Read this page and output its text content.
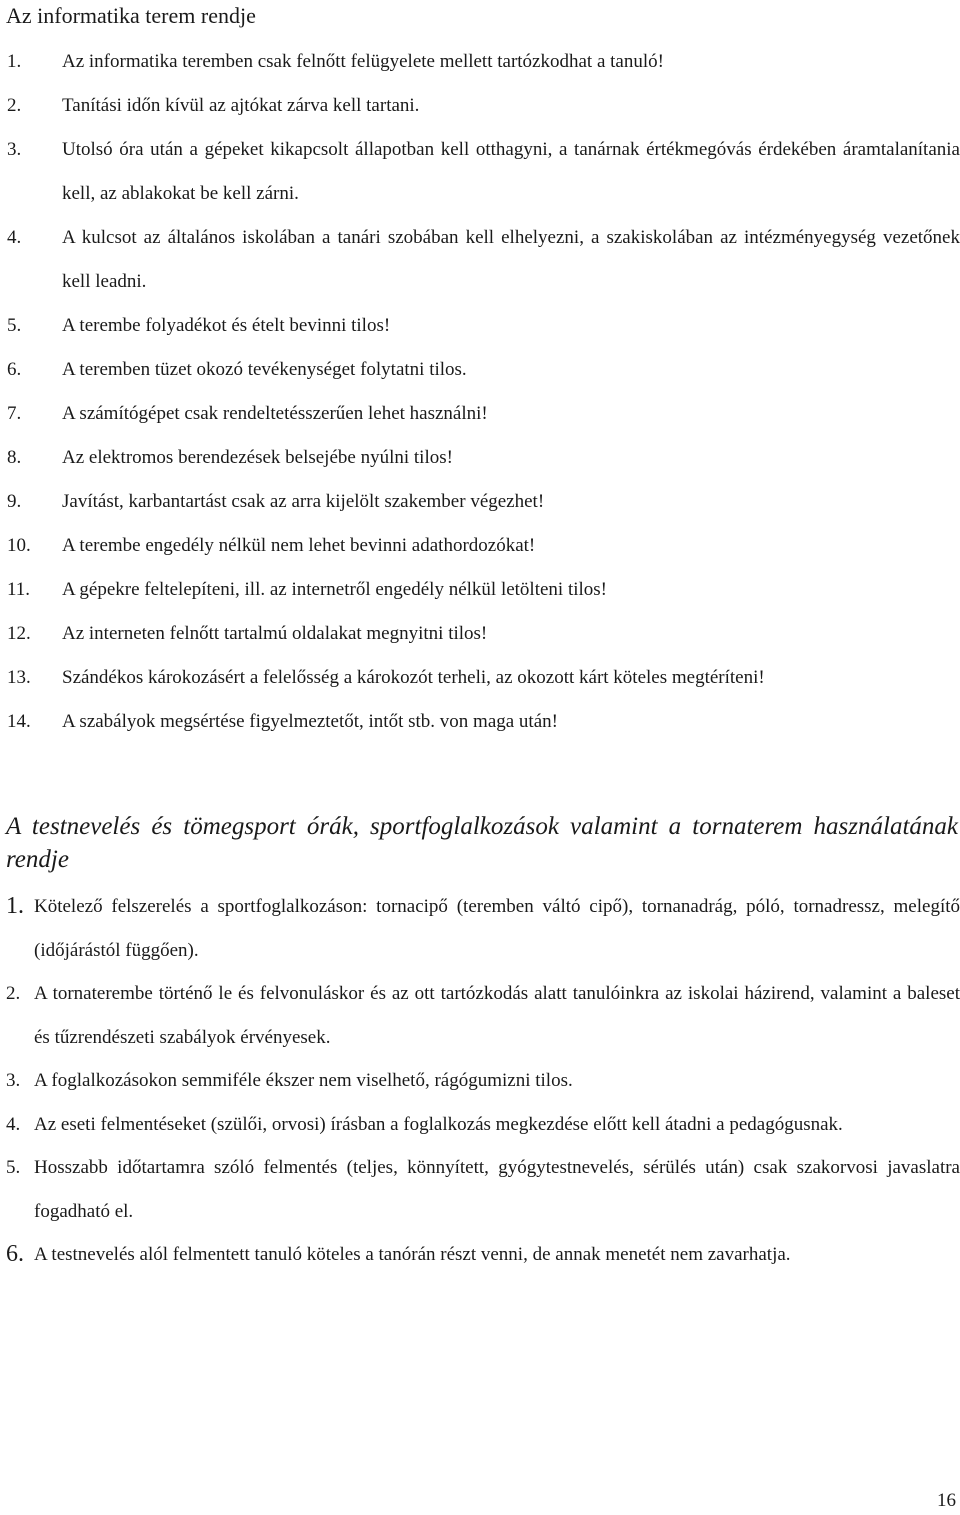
Az informatika terem rendje
1. Az informatika teremben csak felnőtt felügyelete mellett tartózkodhat a tanuló!
2. Tanítási időn kívül az ajtókat zárva kell tartani.
3. Utolsó óra után a gépeket kikapcsolt állapotban kell otthagyni, a tanárnak értékmegóvás érdekében áramtalanítania kell, az ablakokat be kell zárni.
4. A kulcsot az általános iskolában a tanári szobában kell elhelyezni, a szakiskolában az intézményegység vezetőnek kell leadni.
5. A terembe folyadékot és ételt bevinni tilos!
6. A teremben tüzet okozó tevékenységet folytatni tilos.
7. A számítógépet csak rendeltetésszerűen lehet használni!
8. Az elektromos berendezések belsejébe nyúlni tilos!
9. Javítást, karbantartást csak az arra kijelölt szakember végezhet!
10. A terembe engedély nélkül nem lehet bevinni adathordozókat!
11. A gépekre feltelepíteni, ill. az internetről engedély nélkül letölteni tilos!
12. Az interneten felnőtt tartalmú oldalakat megnyitni tilos!
13. Szándékos károkozásért a felelősség a károkozót terheli, az okozott kárt köteles megtéríteni!
14. A szabályok megsértése figyelmeztetőt, intőt stb. von maga után!
A testnevelés és tömegsport órák, sportfoglalkozások valamint a tornaterem használatának rendje
1. Kötelező felszerelés a sportfoglalkozáson: tornacipő (teremben váltó cipő), tornanadrág, póló, tornadressz, melegítő (időjárástól függően).
2. A tornaterembe történő le és felvonuláskor és az ott tartózkodás alatt tanulóinkra az iskolai házirend, valamint a baleset és tűzrendészeti szabályok érvényesek.
3. A foglalkozásokon semmiféle ékszer nem viselhető, rágógumizni tilos.
4. Az eseti felmentéseket (szülői, orvosi) írásban a foglalkozás megkezdése előtt kell átadni a pedagógusnak.
5. Hosszabb időtartamra szóló felmentés (teljes, könnyített, gyógytestnevelés, sérülés után) csak szakorvosi javaslatra fogadható el.
6. A testnevelés alól felmentett tanuló köteles a tanórán részt venni, de annak menetét nem zavarhatja.
16
